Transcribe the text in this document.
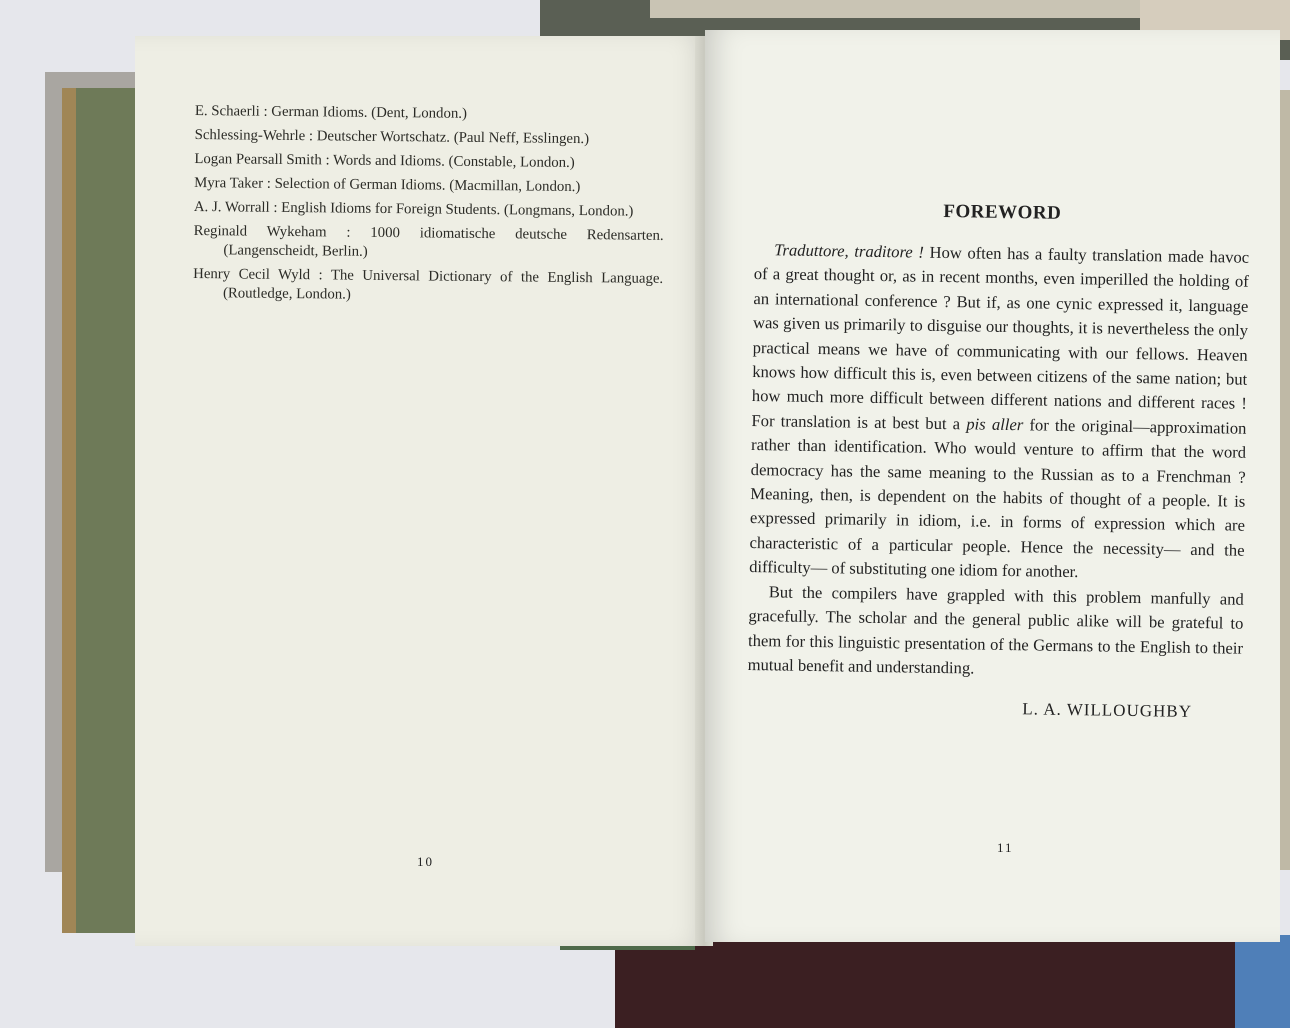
E. Schaerli : German Idioms. (Dent, London.)

Schlessing-Wehrle : Deutscher Wortschatz. (Paul Neff, Esslingen.)

Logan Pearsall Smith : Words and Idioms. (Constable, London.)

Myra Taker : Selection of German Idioms. (Macmillan, London.)

A. J. Worrall : English Idioms for Foreign Students. (Longmans, London.)

Reginald Wykeham : 1000 idiomatische deutsche Redensarten. (Langenscheidt, Berlin.)

Henry Cecil Wyld : The Universal Dictionary of the English Language. (Routledge, London.)

10
FOREWORD

Traduttore, traditore ! How often has a faulty translation made havoc of a great thought or, as in recent months, even imperilled the holding of an international conference ? But if, as one cynic expressed it, language was given us primarily to disguise our thoughts, it is nevertheless the only practical means we have of communicating with our fellows. Heaven knows how difficult this is, even between citizens of the same nation; but how much more difficult between different nations and different races ! For translation is at best but a pis aller for the original—approximation rather than identification. Who would venture to affirm that the word democracy has the same meaning to the Russian as to a Frenchman ? Meaning, then, is dependent on the habits of thought of a people. It is expressed primarily in idiom, i.e. in forms of expression which are characteristic of a particular people. Hence the necessity— and the difficulty— of substituting one idiom for another.

But the compilers have grappled with this problem manfully and gracefully. The scholar and the general public alike will be grateful to them for this linguistic presentation of the Germans to the English to their mutual benefit and understanding.

L. A. WILLOUGHBY
11
